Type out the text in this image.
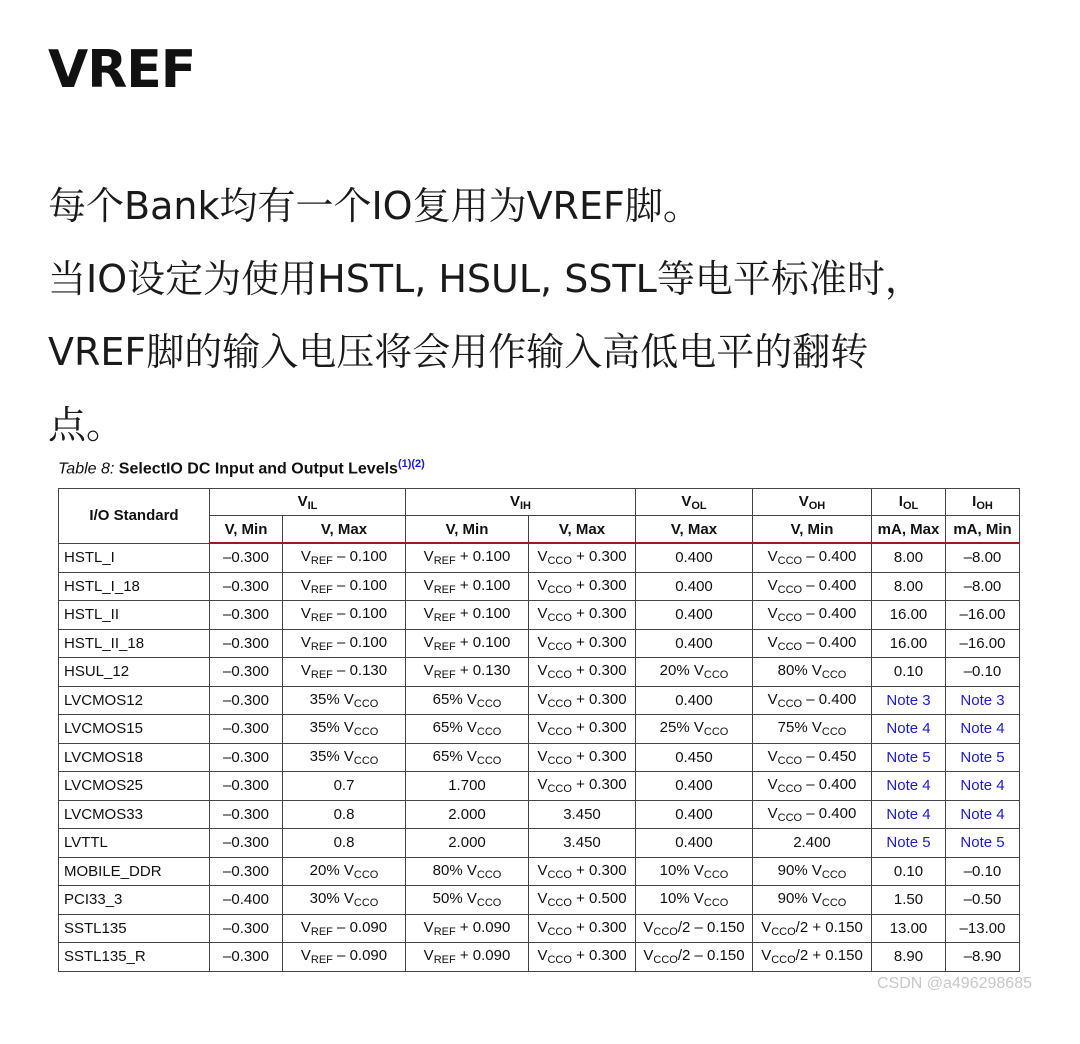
VREF
每个Bank均有一个IO复用为VREF脚。
当IO设定为使用HSTL, HSUL, SSTL等电平标准时，
VREF脚的输入电压将会用作输入高低电平的翻转
点。
Table 8: SelectIO DC Input and Output Levels$^{(1)(2)}$
I/O Standard	$V_{IL}$		$V_{IH}$		$V_{OL}$	$V_{OH}$	$I_{OL}$	$I_{OH}$
	V, Min	V, Max	V, Min	V, Max	V, Max	V, Min	mA, Max	mA, Min
HSTL_I	–0.300	$V_{REF} - 0.100$	$V_{REF} + 0.100$	$V_{CCO} + 0.300$	0.400	$V_{CCO} - 0.400$	8.00	–8.00
HSTL_I_18	–0.300	$V_{REF} - 0.100$	$V_{REF} + 0.100$	$V_{CCO} + 0.300$	0.400	$V_{CCO} - 0.400$	8.00	–8.00
HSTL_II	–0.300	$V_{REF} - 0.100$	$V_{REF} + 0.100$	$V_{CCO} + 0.300$	0.400	$V_{CCO} - 0.400$	16.00	–16.00
HSTL_II_18	–0.300	$V_{REF} - 0.100$	$V_{REF} + 0.100$	$V_{CCO} + 0.300$	0.400	$V_{CCO} - 0.400$	16.00	–16.00
HSUL_12	–0.300	$V_{REF} - 0.130$	$V_{REF} + 0.130$	$V_{CCO} + 0.300$	20% $V_{CCO}$	80% $V_{CCO}$	0.10	–0.10
LVCMOS12	–0.300	35% $V_{CCO}$	65% $V_{CCO}$	$V_{CCO} + 0.300$	0.400	$V_{CCO} - 0.400$	Note 3	Note 3
LVCMOS15	–0.300	35% $V_{CCO}$	65% $V_{CCO}$	$V_{CCO} + 0.300$	25% $V_{CCO}$	75% $V_{CCO}$	Note 4	Note 4
LVCMOS18	–0.300	35% $V_{CCO}$	65% $V_{CCO}$	$V_{CCO} + 0.300$	0.450	$V_{CCO} - 0.450$	Note 5	Note 5
LVCMOS25	–0.300	0.7	1.700	$V_{CCO} + 0.300$	0.400	$V_{CCO} - 0.400$	Note 4	Note 4
LVCMOS33	–0.300	0.8	2.000	3.450	0.400	$V_{CCO} - 0.400$	Note 4	Note 4
LVTTL	–0.300	0.8	2.000	3.450	0.400	2.400	Note 5	Note 5
MOBILE_DDR	–0.300	20% $V_{CCO}$	80% $V_{CCO}$	$V_{CCO} + 0.300$	10% $V_{CCO}$	90% $V_{CCO}$	0.10	–0.10
PCI33_3	–0.400	30% $V_{CCO}$	50% $V_{CCO}$	$V_{CCO} + 0.500$	10% $V_{CCO}$	90% $V_{CCO}$	1.50	–0.50
SSTL135	–0.300	$V_{REF} - 0.090$	$V_{REF} + 0.090$	$V_{CCO} + 0.300$	$V_{CCO}/2 - 0.150$	$V_{CCO}/2 + 0.150$	13.00	–13.00
SSTL135_R	–0.300	$V_{REF} - 0.090$	$V_{REF} + 0.090$	$V_{CCO} + 0.300$	$V_{CCO}/2 - 0.150$	$V_{CCO}/2 + 0.150$	8.90	–8.90
CSDN @a496298685
